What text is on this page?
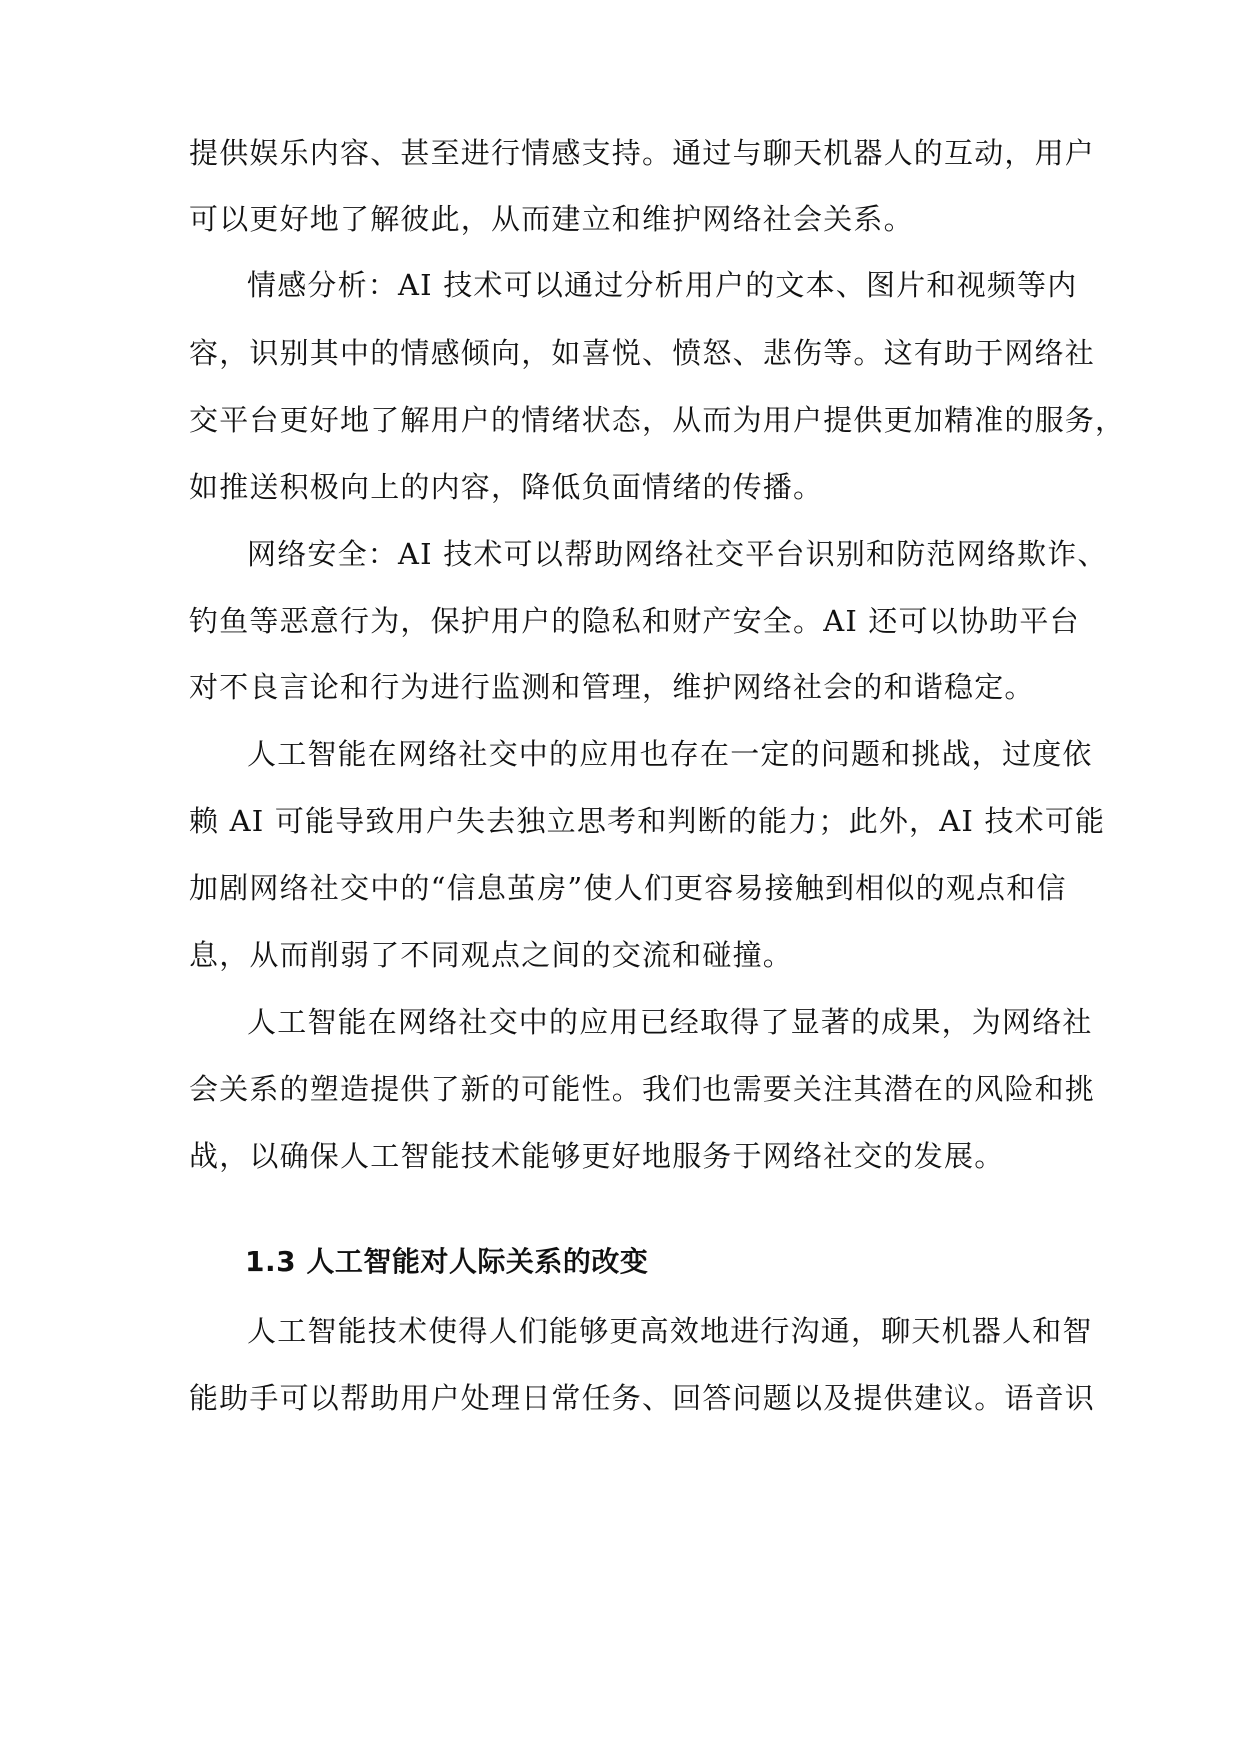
提供娱乐内容、甚至进行情感支持。通过与聊天机器人的互动，用户
可以更好地了解彼此，从而建立和维护网络社会关系。
情感分析：AI 技术可以通过分析用户的文本、图片和视频等内
容，识别其中的情感倾向，如喜悦、愤怒、悲伤等。这有助于网络社
交平台更好地了解用户的情绪状态，从而为用户提供更加精准的服务，
如推送积极向上的内容，降低负面情绪的传播。
网络安全：AI 技术可以帮助网络社交平台识别和防范网络欺诈、
钓鱼等恶意行为，保护用户的隐私和财产安全。AI 还可以协助平台
对不良言论和行为进行监测和管理，维护网络社会的和谐稳定。
人工智能在网络社交中的应用也存在一定的问题和挑战，过度依
赖 AI 可能导致用户失去独立思考和判断的能力；此外，AI 技术可能
加剧网络社交中的“信息茧房”使人们更容易接触到相似的观点和信
息，从而削弱了不同观点之间的交流和碰撞。
人工智能在网络社交中的应用已经取得了显著的成果，为网络社
会关系的塑造提供了新的可能性。我们也需要关注其潜在的风险和挑
战，以确保人工智能技术能够更好地服务于网络社交的发展。
1.3 人工智能对人际关系的改变
人工智能技术使得人们能够更高效地进行沟通，聊天机器人和智
能助手可以帮助用户处理日常任务、回答问题以及提供建议。语音识
